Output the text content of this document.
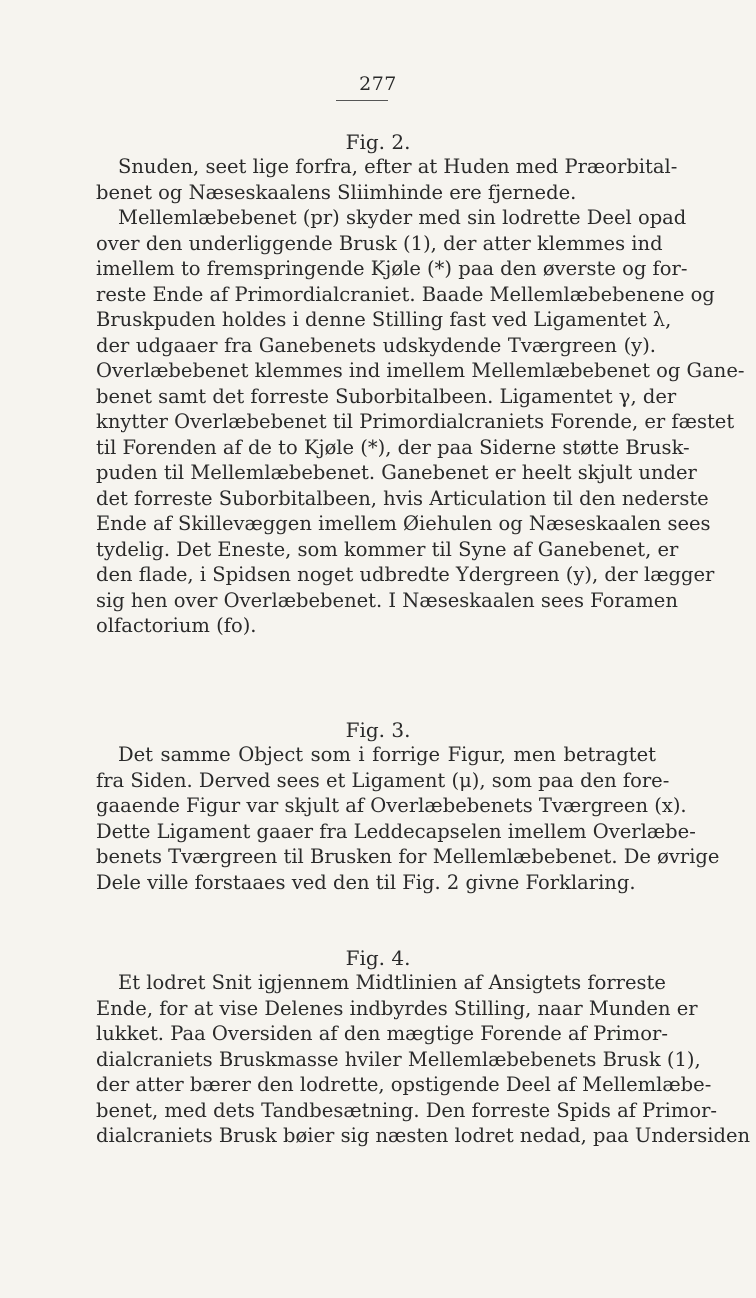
277
Fig. 2.

Snuden, seet lige forfra, efter at Huden med Præorbital-
benet og Næseskaalens Sliimhinde ere fjernede.

Mellemlæbebenet (pr) skyder med sin lodrette Deel opad
over den underliggende Brusk (1), der atter klemmes ind
imellem to fremspringende Kjøle (*) paa den øverste og for-
reste Ende af Primordialcraniet. Baade Mellemlæbebenene og
Bruskpuden holdes i denne Stilling fast ved Ligamentet λ,
der udgaaer fra Ganebenets udskydende Tværgreen (y).
Overlæbebenet klemmes ind imellem Mellemlæbebenet og Gane-
benet samt det forreste Suborbitalbeen. Ligamentet γ, der
knytter Overlæbebenet til Primordialcraniets Forende, er fæstet
til Forenden af de to Kjøle (*), der paa Siderne støtte Brusk-
puden til Mellemlæbebenet. Ganebenet er heelt skjult under
det forreste Suborbitalbeen, hvis Articulation til den nederste
Ende af Skillevæggen imellem Øiehulen og Næseskaalen sees
tydelig. Det Eneste, som kommer til Syne af Ganebenet, er
den flade, i Spidsen noget udbredte Ydergreen (y), der lægger
sig hen over Overlæbebenet. I Næseskaalen sees Foramen
olfactorium (fo).

Fig. 3.

Det samme Object som i forrige Figur, men betragtet
fra Siden. Derved sees et Ligament (μ), som paa den fore-
gaaende Figur var skjult af Overlæbebenets Tværgreen (x).
Dette Ligament gaaer fra Leddecapselen imellem Overlæbe-
benets Tværgreen til Brusken for Mellemlæbebenet. De øvrige
Dele ville forstaaes ved den til Fig. 2 givne Forklaring.

Fig. 4.

Et lodret Snit igjennem Midtlinien af Ansigtets forreste
Ende, for at vise Delenes indbyrdes Stilling, naar Munden er
lukket. Paa Oversiden af den mægtige Forende af Primor-
dialcraniets Bruskmasse hviler Mellemlæbebenets Brusk (1),
der atter bærer den lodrette, opstigende Deel af Mellemlæbe-
benet, med dets Tandbesætning. Den forreste Spids af Primor-
dialcraniets Brusk bøier sig næsten lodret nedad, paa Undersiden
